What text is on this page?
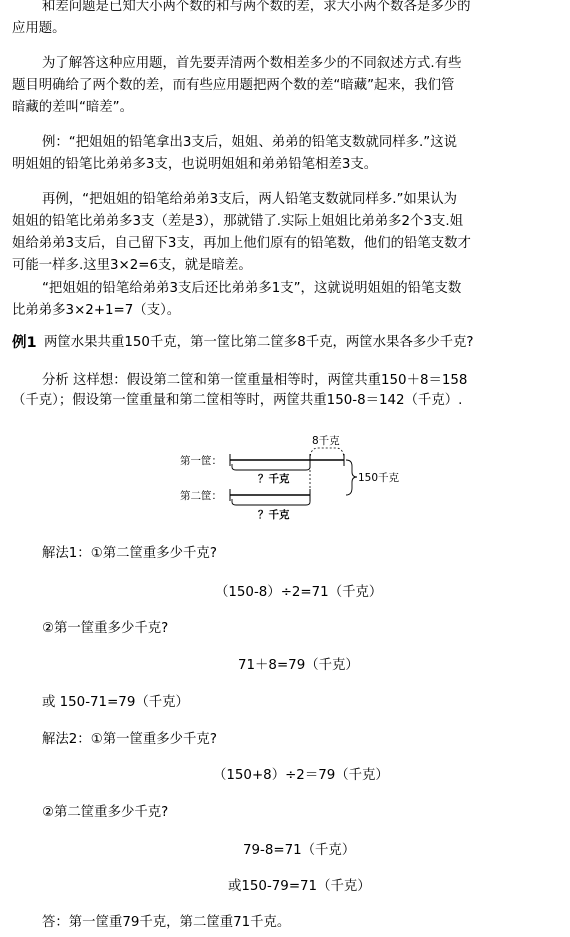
和差问题是已知大小两个数的和与两个数的差，求大小两个数各是多少的
应用题。
为了解答这种应用题，首先要弄清两个数相差多少的不同叙述方式.有些
题目明确给了两个数的差，而有些应用题把两个数的差“暗藏”起来，我们管
暗藏的差叫“暗差”。
例：“把姐姐的铅笔拿出3支后，姐姐、弟弟的铅笔支数就同样多.”这说
明姐姐的铅笔比弟弟多3支，也说明姐姐和弟弟铅笔相差3支。
再例，“把姐姐的铅笔给弟弟3支后，两人铅笔支数就同样多.”如果认为
姐姐的铅笔比弟弟多3支（差是3），那就错了.实际上姐姐比弟弟多2个3支.姐
姐给弟弟3支后，自己留下3支，再加上他们原有的铅笔数，他们的铅笔支数才
可能一样多.这里3×2=6支，就是暗差。
“把姐姐的铅笔给弟弟3支后还比弟弟多1支”，这就说明姐姐的铅笔支数
比弟弟多3×2+1=7（支）。
例1 两筐水果共重150千克，第一筐比第二筐多8千克，两筐水果各多少千克?
分析 这样想：假设第二筐和第一筐重量相等时，两筐共重150＋8＝158
（千克）；假设第一筐重量和第二筐相等时，两筐共重150-8＝142（千克）.
8千克
第一筐：
？千克
第二筐：
？千克
150千克
解法1：①第二筐重多少千克?
（150-8）÷2=71（千克）
②第一筐重多少千克?
71＋8=79（千克）
或 150-71=79（千克）
解法2：①第一筐重多少千克?
（150+8）÷2＝79（千克）
②第二筐重多少千克?
79-8=71（千克）
或150-79=71（千克）
答：第一筐重79千克，第二筐重71千克。
